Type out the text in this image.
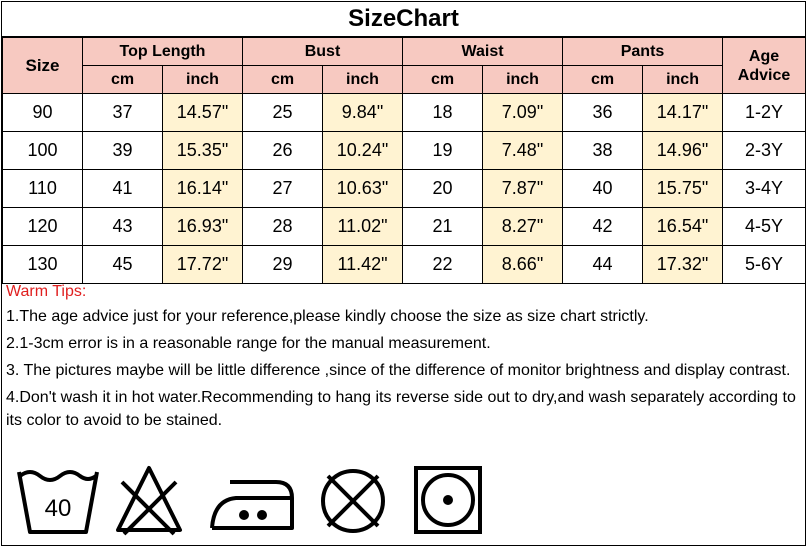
SizeChart
Size	Top Length		Bust		Waist		Pants		Age Advice
	cm	inch	cm	inch	cm	inch	cm	inch	
90	37	14.57"	25	9.84"	18	7.09"	36	14.17"	1-2Y
100	39	15.35"	26	10.24"	19	7.48"	38	14.96"	2-3Y
110	41	16.14"	27	10.63"	20	7.87"	40	15.75"	3-4Y
120	43	16.93"	28	11.02"	21	8.27"	42	16.54"	4-5Y
130	45	17.72"	29	11.42"	22	8.66"	44	17.32"	5-6Y
Warm Tips:
1.The age advice just for your reference,please kindly choose the size as size chart strictly.
2.1-3cm error is in a reasonable range for the manual measurement.
3. The pictures maybe will be little difference ,since of the difference of monitor brightness and display contrast.
4.Don't wash it in hot water.Recommending to hang its reverse side out to dry,and wash separately according to its color to avoid to be stained.
40
